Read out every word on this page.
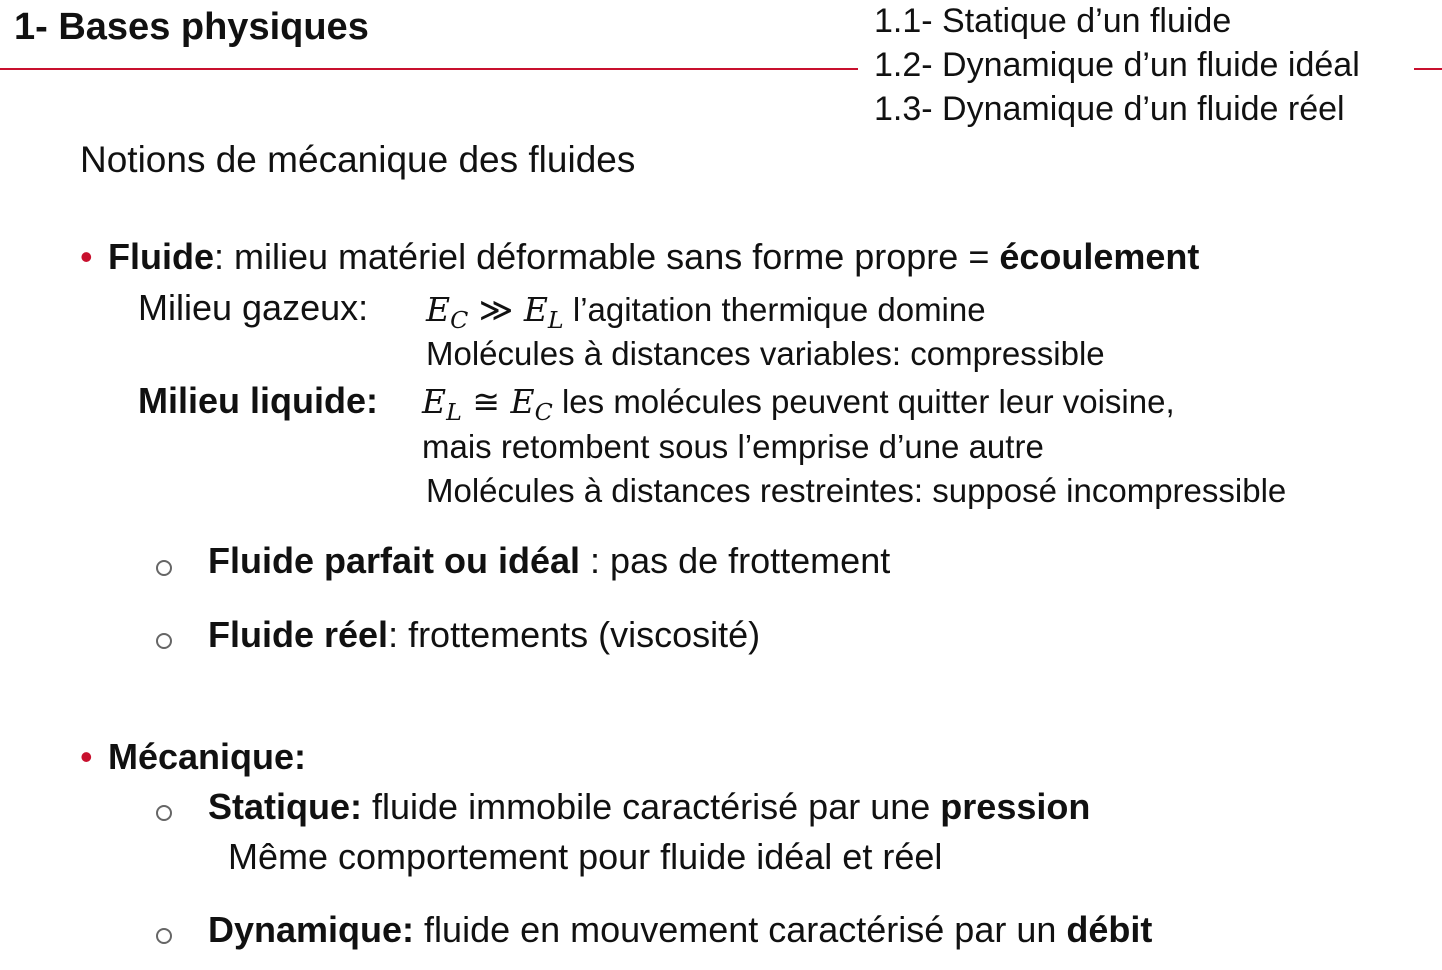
1- Bases physiques	1.1- Statique d’un fluide
1.2- Dynamique d’un fluide idéal
1.3- Dynamique d’un fluide réel
Notions de mécanique des fluides
• Fluide: milieu matériel déformable sans forme propre = écoulement
Milieu gazeux: $E_C$ ≫ $E_L$ l’agitation thermique domine
Molécules à distances variables: compressible
Milieu liquide: $E_L$ ≅ $E_C$ les molécules peuvent quitter leur voisine,
mais retombent sous l’emprise d’une autre
Molécules à distances restreintes: supposé incompressible
Fluide parfait ou idéal : pas de frottement
Fluide réel: frottements (viscosité)
• Mécanique:
Statique: fluide immobile caractérisé par une pression
Même comportement pour fluide idéal et réel
Dynamique: fluide en mouvement caractérisé par un débit
